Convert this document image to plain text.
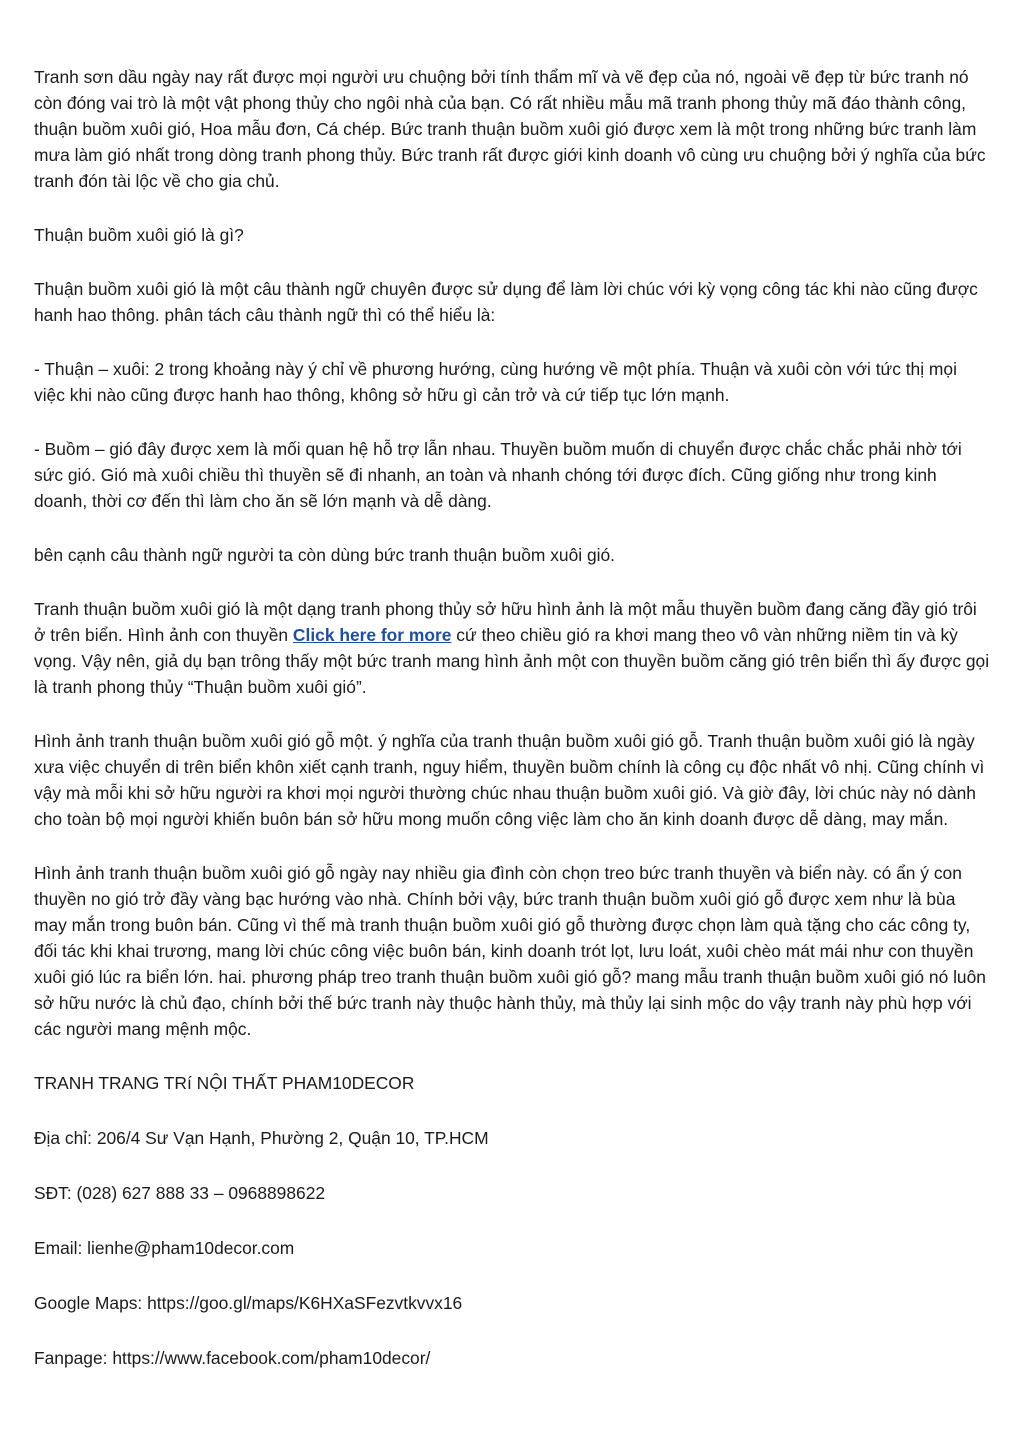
Tranh sơn dầu ngày nay rất được mọi người ưu chuộng bởi tính thẩm mĩ và vẽ đẹp của nó, ngoài vẽ đẹp từ bức tranh nó còn đóng vai trò là một vật phong thủy cho ngôi nhà của bạn. Có rất nhiều mẫu mã tranh phong thủy mã đáo thành công, thuận buồm xuôi gió, Hoa mẫu đơn, Cá chép. Bức tranh thuận buồm xuôi gió được xem là một trong những bức tranh làm mưa làm gió nhất trong dòng tranh phong thủy. Bức tranh rất được giới kinh doanh vô cùng ưu chuộng bởi ý nghĩa của bức tranh đón tài lộc về cho gia chủ.

Thuận buồm xuôi gió là gì?

Thuận buồm xuôi gió là một câu thành ngữ chuyên được sử dụng để làm lời chúc với kỳ vọng công tác khi nào cũng được hanh hao thông. phân tách câu thành ngữ thì có thể hiểu là:

- Thuận – xuôi: 2 trong khoảng này ý chỉ về phương hướng, cùng hướng về một phía. Thuận và xuôi còn với tức thị mọi việc khi nào cũng được hanh hao thông, không sở hữu gì cản trở và cứ tiếp tục lớn mạnh.

- Buồm – gió đây được xem là mối quan hệ hỗ trợ lẫn nhau. Thuyền buồm muốn di chuyển được chắc chắc phải nhờ tới sức gió. Gió mà xuôi chiều thì thuyền sẽ đi nhanh, an toàn và nhanh chóng tới được đích. Cũng giống như trong kinh doanh, thời cơ đến thì làm cho ăn sẽ lớn mạnh và dễ dàng.

bên cạnh câu thành ngữ người ta còn dùng bức tranh thuận buồm xuôi gió.

Tranh thuận buồm xuôi gió là một dạng tranh phong thủy sở hữu hình ảnh là một mẫu thuyền buồm đang căng đầy gió trôi ở trên biển. Hình ảnh con thuyền Click here for more cứ theo chiều gió ra khơi mang theo vô vàn những niềm tin và kỳ vọng. Vậy nên, giả dụ bạn trông thấy một bức tranh mang hình ảnh một con thuyền buồm căng gió trên biển thì ấy được gọi là tranh phong thủy “Thuận buồm xuôi gió”.

Hình ảnh tranh thuận buồm xuôi gió gỗ một. ý nghĩa của tranh thuận buồm xuôi gió gỗ. Tranh thuận buồm xuôi gió là ngày xưa việc chuyển di trên biển khôn xiết cạnh tranh, nguy hiểm, thuyền buồm chính là công cụ độc nhất vô nhị. Cũng chính vì vậy mà mỗi khi sở hữu người ra khơi mọi người thường chúc nhau thuận buồm xuôi gió. Và giờ đây, lời chúc này nó dành cho toàn bộ mọi người khiến buôn bán sở hữu mong muốn công việc làm cho ăn kinh doanh được dễ dàng, may mắn.

Hình ảnh tranh thuận buồm xuôi gió gỗ ngày nay nhiều gia đình còn chọn treo bức tranh thuyền và biển này. có ẩn ý con thuyền no gió trở đầy vàng bạc hướng vào nhà. Chính bởi vậy, bức tranh thuận buồm xuôi gió gỗ được xem như là bùa may mắn trong buôn bán. Cũng vì thế mà tranh thuận buồm xuôi gió gỗ thường được chọn làm quà tặng cho các công ty, đối tác khi khai trương, mang lời chúc công việc buôn bán, kinh doanh trót lọt, lưu loát, xuôi chèo mát mái như con thuyền xuôi gió lúc ra biển lớn. hai. phương pháp treo tranh thuận buồm xuôi gió gỗ? mang mẫu tranh thuận buồm xuôi gió nó luôn sở hữu nước là chủ đạo, chính bởi thế bức tranh này thuộc hành thủy, mà thủy lại sinh mộc do vậy tranh này phù hợp với các người mang mệnh mộc.

TRANH TRANG TRí NỘI THẤT PHAM10DECOR

Địa chỉ: 206/4 Sư Vạn Hạnh, Phường 2, Quận 10, TP.HCM

SĐT: (028) 627 888 33 – 0968898622

Email: lienhe@pham10decor.com

Google Maps: https://goo.gl/maps/K6HXaSFezvtkvvx16

Fanpage: https://www.facebook.com/pham10decor/
